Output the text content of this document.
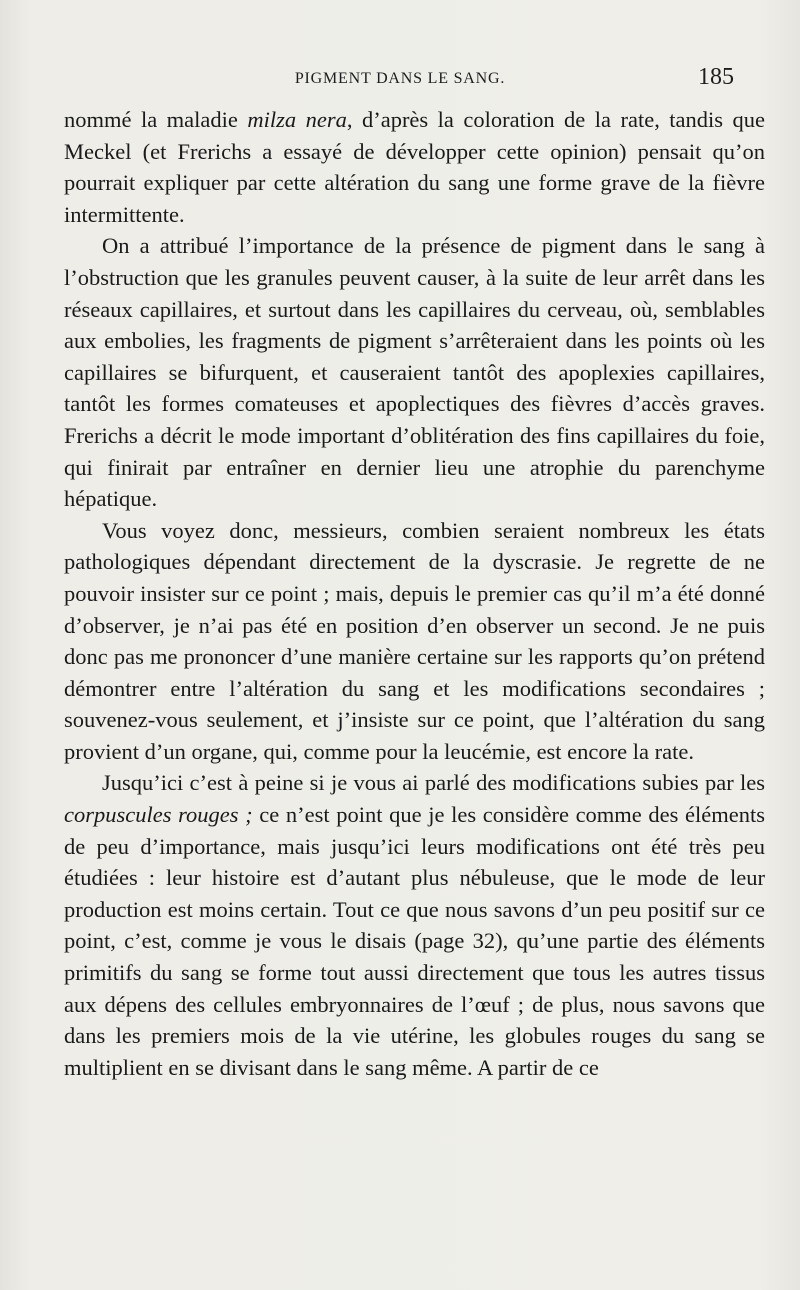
PIGMENT DANS LE SANG.	185

nommé la maladie milza nera, d’après la coloration de la rate, tandis que Meckel (et Frerichs a essayé de développer cette opinion) pensait qu’on pourrait expliquer par cette altération du sang une forme grave de la fièvre intermittente.

On a attribué l’importance de la présence de pigment dans le sang à l’obstruction que les granules peuvent causer, à la suite de leur arrêt dans les réseaux capillaires, et surtout dans les capillaires du cerveau, où, semblables aux embolies, les fragments de pigment s’arrêteraient dans les points où les capillaires se bifurquent, et causeraient tantôt des apoplexies capillaires, tantôt les formes comateuses et apoplectiques des fièvres d’accès graves. Frerichs a décrit le mode important d’oblitération des fins capillaires du foie, qui finirait par entraîner en dernier lieu une atrophie du parenchyme hépatique.

Vous voyez donc, messieurs, combien seraient nombreux les états pathologiques dépendant directement de la dyscrasie. Je regrette de ne pouvoir insister sur ce point ; mais, depuis le premier cas qu’il m’a été donné d’observer, je n’ai pas été en position d’en observer un second. Je ne puis donc pas me prononcer d’une manière certaine sur les rapports qu’on prétend démontrer entre l’altération du sang et les modifications secondaires ; souvenez-vous seulement, et j’insiste sur ce point, que l’altération du sang provient d’un organe, qui, comme pour la leucémie, est encore la rate.

Jusqu’ici c’est à peine si je vous ai parlé des modifications subies par les corpuscules rouges ; ce n’est point que je les considère comme des éléments de peu d’importance, mais jusqu’ici leurs modifications ont été très peu étudiées : leur histoire est d’autant plus nébuleuse, que le mode de leur production est moins certain. Tout ce que nous savons d’un peu positif sur ce point, c’est, comme je vous le disais (page 32), qu’une partie des éléments primitifs du sang se forme tout aussi directement que tous les autres tissus aux dépens des cellules embryonnaires de l’œuf ; de plus, nous savons que dans les premiers mois de la vie utérine, les globules rouges du sang se multiplient en se divisant dans le sang même. A partir de ce
